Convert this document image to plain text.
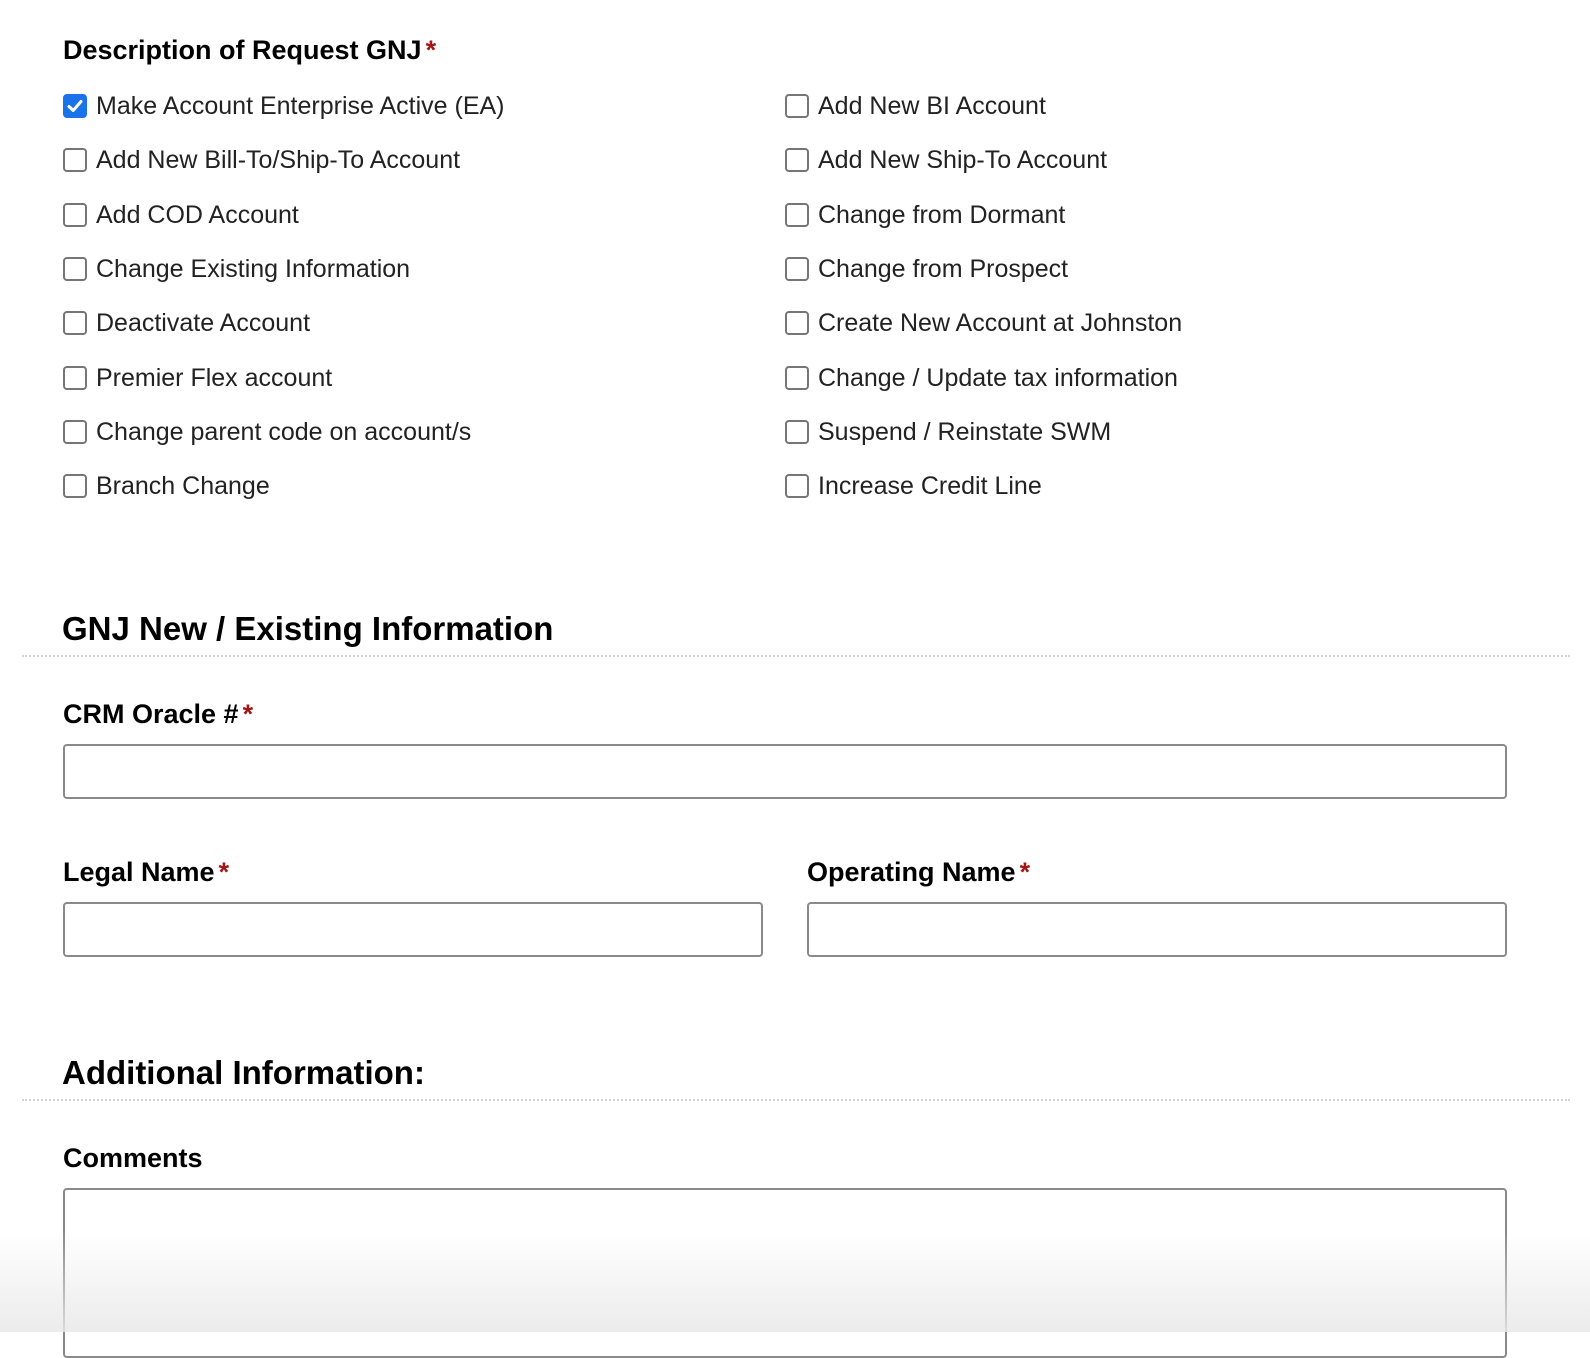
Description of Request GNJ *
Make Account Enterprise Active (EA)
Add New Bill-To/Ship-To Account
Add COD Account
Change Existing Information
Deactivate Account
Premier Flex account
Change parent code on account/s
Branch Change
Add New BI Account
Add New Ship-To Account
Change from Dormant
Change from Prospect
Create New Account at Johnston
Change / Update tax information
Suspend / Reinstate SWM
Increase Credit Line
GNJ New / Existing Information
CRM Oracle # *
Legal Name *	Operating Name *
Additional Information:
Comments
